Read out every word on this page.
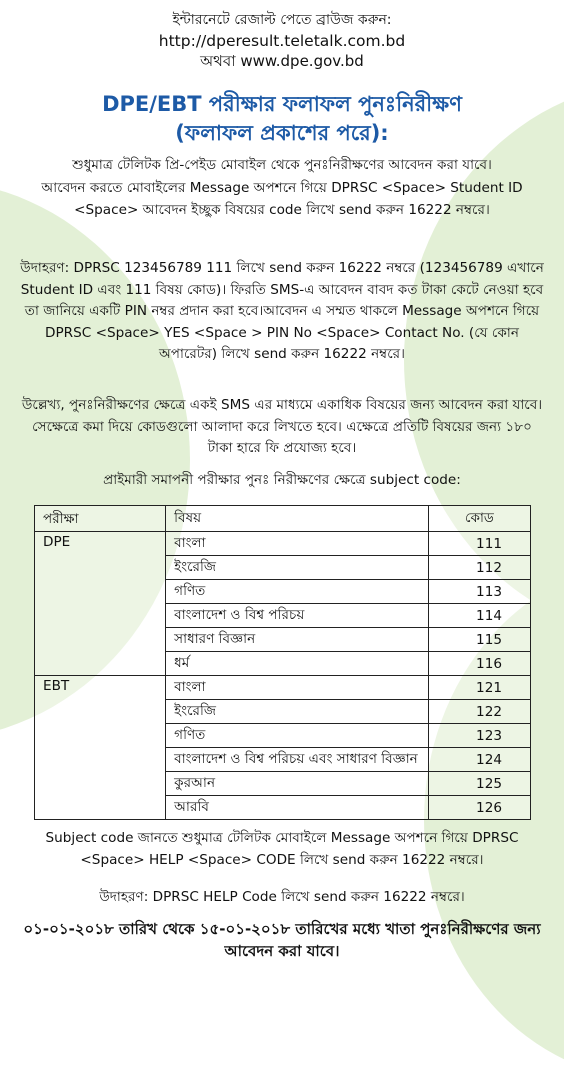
ইন্টারনেটে রেজাল্ট পেতে ব্রাউজ করুন:
http://dperesult.teletalk.com.bd
অথবা www.dpe.gov.bd
DPE/EBT পরীক্ষার ফলাফল পুনঃনিরীক্ষণ
(ফলাফল প্রকাশের পরে):
শুধুমাত্র টেলিটক প্রি-পেইড মোবাইল থেকে পুনঃনিরীক্ষণের আবেদন করা যাবে।
আবেদন করতে মোবাইলের Message অপশনে গিয়ে DPRSC <Space> Student ID <Space> আবেদন ইচ্ছুক বিষয়ের code লিখে send করুন 16222 নম্বরে।
উদাহরণ: DPRSC 123456789 111 লিখে send করুন 16222 নম্বরে (123456789 এখানে Student ID এবং 111 বিষয় কোড)। ফিরতি SMS-এ আবেদন বাবদ কত টাকা কেটে নেওয়া হবে তা জানিয়ে একটি PIN নম্বর প্রদান করা হবে।আবেদন এ সম্মত থাকলে Message অপশনে গিয়ে DPRSC <Space> YES <Space > PIN No <Space> Contact No. (যে কোন অপারেটর) লিখে send করুন 16222 নম্বরে।
উল্লেখ্য, পুনঃনিরীক্ষণের ক্ষেত্রে একই SMS এর মাধ্যমে একাধিক বিষয়ের জন্য আবেদন করা যাবে। সেক্ষেত্রে কমা দিয়ে কোডগুলো আলাদা করে লিখতে হবে। এক্ষেত্রে প্রতিটি বিষয়ের জন্য ১৮০ টাকা হারে ফি প্রযোজ্য হবে।
প্রাইমারী সমাপনী পরীক্ষার পুনঃ নিরীক্ষণের ক্ষেত্রে subject code:
পরীক্ষা	বিষয়	কোড
DPE	বাংলা	111
	ইংরেজি	112
	গণিত	113
	বাংলাদেশ ও বিশ্ব পরিচয়	114
	সাধারণ বিজ্ঞান	115
	ধর্ম	116
EBT	বাংলা	121
	ইংরেজি	122
	গণিত	123
	বাংলাদেশ ও বিশ্ব পরিচয় এবং সাধারণ বিজ্ঞান	124
	কুরআন	125
	আরবি	126
Subject code জানতে শুধুমাত্র টেলিটক মোবাইলে Message অপশনে গিয়ে DPRSC <Space> HELP <Space> CODE লিখে send করুন 16222 নম্বরে।
উদাহরণ: DPRSC HELP Code লিখে send করুন 16222 নম্বরে।
০১-০১-২০১৮ তারিখ থেকে ১৫-০১-২০১৮ তারিখের মধ্যে খাতা পুনঃনিরীক্ষণের জন্য আবেদন করা যাবে।
